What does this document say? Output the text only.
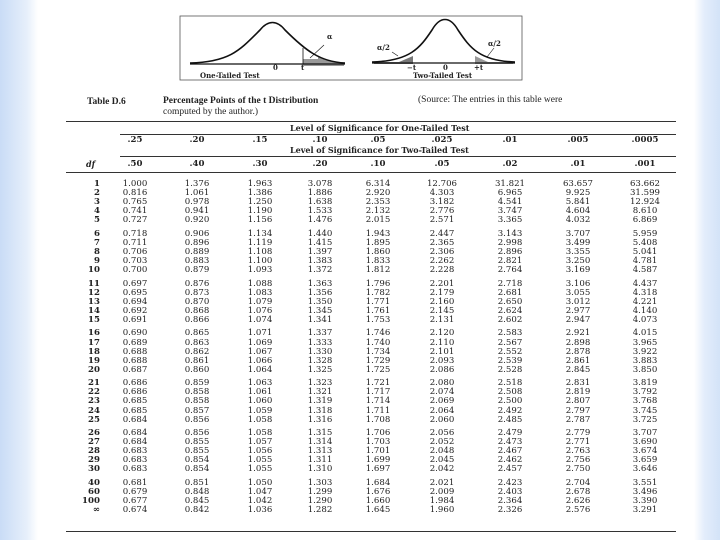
α
0	t
One-Tailed Test
α/2	α/2
−t	0	+t
Two-Tailed Test
Table D.6	Percentage Points of the t Distribution	(Source: The entries in this table were
computed by the author.)
Level of Significance for One-Tailed Test
Level of Significance for Two-Tailed Test
df
.25	.20	.15	.10	.05	.025	.01	.005	.0005
.50	.40	.30	.20	.10	.05	.02	.01	.001
1	1.000	1.376	1.963	3.078	6.314	12.706	31.821	63.657	63.662
2	0.816	1.061	1.386	1.886	2.920	4.303	6.965	9.925	31.599
3	0.765	0.978	1.250	1.638	2.353	3.182	4.541	5.841	12.924
4	0.741	0.941	1.190	1.533	2.132	2.776	3.747	4.604	8.610
5	0.727	0.920	1.156	1.476	2.015	2.571	3.365	4.032	6.869
6	0.718	0.906	1.134	1.440	1.943	2.447	3.143	3.707	5.959
7	0.711	0.896	1.119	1.415	1.895	2.365	2.998	3.499	5.408
8	0.706	0.889	1.108	1.397	1.860	2.306	2.896	3.355	5.041
9	0.703	0.883	1.100	1.383	1.833	2.262	2.821	3.250	4.781
10	0.700	0.879	1.093	1.372	1.812	2.228	2.764	3.169	4.587
11	0.697	0.876	1.088	1.363	1.796	2.201	2.718	3.106	4.437
12	0.695	0.873	1.083	1.356	1.782	2.179	2.681	3.055	4.318
13	0.694	0.870	1.079	1.350	1.771	2.160	2.650	3.012	4.221
14	0.692	0.868	1.076	1.345	1.761	2.145	2.624	2.977	4.140
15	0.691	0.866	1.074	1.341	1.753	2.131	2.602	2.947	4.073
16	0.690	0.865	1.071	1.337	1.746	2.120	2.583	2.921	4.015
17	0.689	0.863	1.069	1.333	1.740	2.110	2.567	2.898	3.965
18	0.688	0.862	1.067	1.330	1.734	2.101	2.552	2.878	3.922
19	0.688	0.861	1.066	1.328	1.729	2.093	2.539	2.861	3.883
20	0.687	0.860	1.064	1.325	1.725	2.086	2.528	2.845	3.850
21	0.686	0.859	1.063	1.323	1.721	2.080	2.518	2.831	3.819
22	0.686	0.858	1.061	1.321	1.717	2.074	2.508	2.819	3.792
23	0.685	0.858	1.060	1.319	1.714	2.069	2.500	2.807	3.768
24	0.685	0.857	1.059	1.318	1.711	2.064	2.492	2.797	3.745
25	0.684	0.856	1.058	1.316	1.708	2.060	2.485	2.787	3.725
26	0.684	0.856	1.058	1.315	1.706	2.056	2.479	2.779	3.707
27	0.684	0.855	1.057	1.314	1.703	2.052	2.473	2.771	3.690
28	0.683	0.855	1.056	1.313	1.701	2.048	2.467	2.763	3.674
29	0.683	0.854	1.055	1.311	1.699	2.045	2.462	2.756	3.659
30	0.683	0.854	1.055	1.310	1.697	2.042	2.457	2.750	3.646
40	0.681	0.851	1.050	1.303	1.684	2.021	2.423	2.704	3.551
60	0.679	0.848	1.047	1.299	1.676	2.009	2.403	2.678	3.496
100	0.677	0.845	1.042	1.290	1.660	1.984	2.364	2.626	3.390
∞	0.674	0.842	1.036	1.282	1.645	1.960	2.326	2.576	3.291
